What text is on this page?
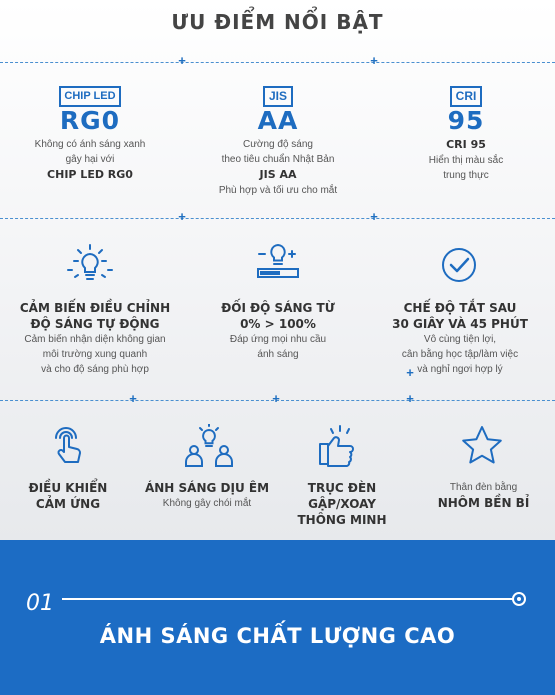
ƯU ĐIỂM NỔI BẬT
+	+
+	+
+	+	+
+
CHIP LED
RG0
Không có ánh sáng xanh
gây hại với
CHIP LED RG0
JIS
AA
Cường độ sáng
theo tiêu chuẩn Nhật Bản
JIS AA
Phù hợp và tối ưu cho mắt
CRI
95
CRI 95
Hiển thị màu sắc
trung thực
CẢM BIẾN ĐIỀU CHỈNH
ĐỘ SÁNG TỰ ĐỘNG
Cảm biến nhận diện không gian
môi trường xung quanh
và cho độ sáng phù hợp
ĐỐI ĐỘ SÁNG TỪ
0% > 100%
Đáp ứng mọi nhu cầu
ánh sáng
CHẾ ĐỘ TẮT SAU
30 GIÂY VÀ 45 PHÚT
Vô cùng tiện lợi,
cân bằng học tập/làm việc
và nghỉ ngơi hợp lý
ĐIỀU KHIỂN
CẢM ỨNG
ÁNH SÁNG DỊU ÊM
Không gây chói mắt
TRỤC ĐÈN GẬP/XOAY
THÔNG MINH
Thân đèn bằng
NHÔM BỀN BỈ
01
ÁNH SÁNG CHẤT LƯỢNG CAO
